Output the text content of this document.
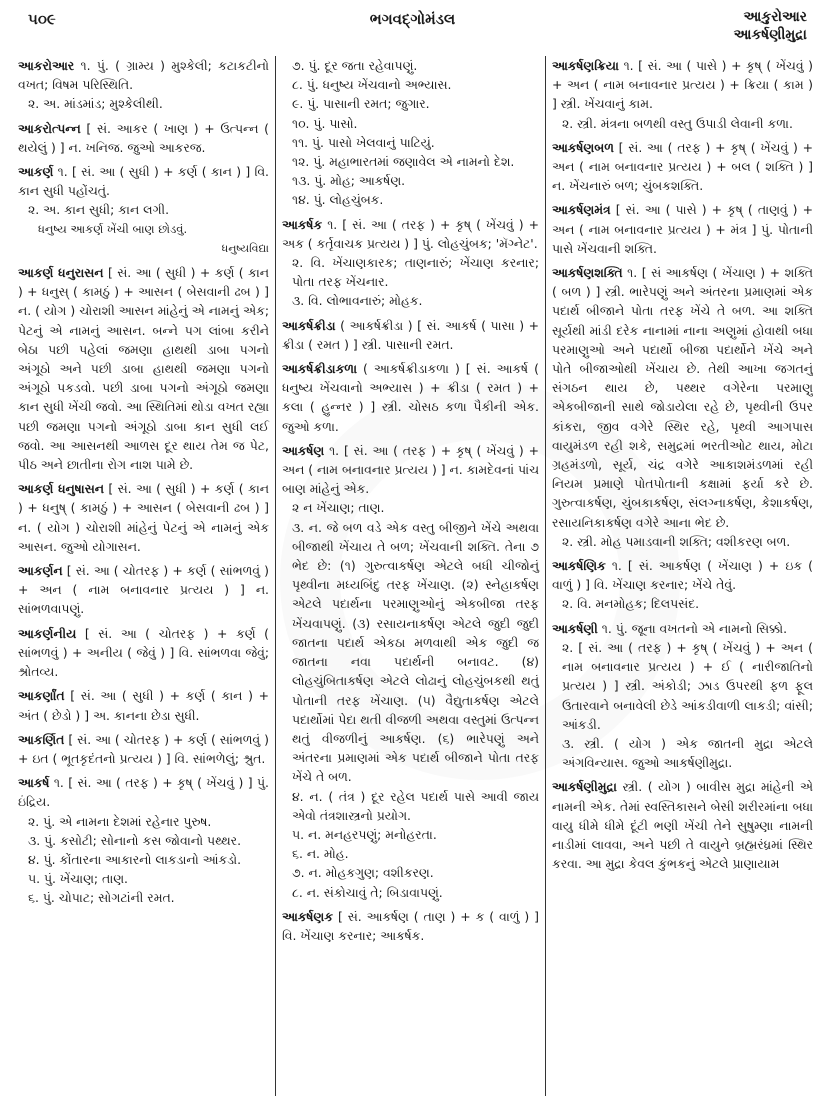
૫૦૯	ભગવદ્ગોમંડલ	આકુરોઆર
આકર્ષણીમુદ્રા
આકરોઆર ૧. પું. ( ગ્રામ્ય ) મુશ્કેલી; કટાકટીનો વખત; વિષમ પરિસ્થિતિ.
૨. અ. માંડમાંડ; મુશ્કેલીથી.
આકરોત્પન્ન [ સં. આકર ( ખાણ ) + ઉત્પન્ન ( થયેલું ) ] ન. ખનિજ. જુઓ આકરજ.
આકર્ણ ૧. [ સં. આ ( સુધી ) + કર્ણ ( કાન ) ] વિ. કાન સુધી પહોંચતું.
૨. અ. કાન સુધી; કાન લગી.
ધનુષ્ય આકર્ણ ખેંચી બાણ છોડવું.
ધનુષ્યવિદ્યા
આકર્ણ ધનુરાસન [ સં. આ ( સુધી ) + કર્ણ ( કાન ) + ધનુસ્ ( કામઠું ) + આસન ( બેસવાની ઢબ ) ] ન. ( યોગ ) ચોરાશી આસન માંહેનું એ નામનું એક; પેટનું એ નામનું આસન. બન્ને પગ લાંબા કરીને બેઠા પછી પહેલાં જમણા હાથથી ડાબા પગનો અંગૂઠો અને પછી ડાબા હાથથી જમણા પગનો અંગૂઠો પકડવો. પછી ડાબા પગનો અંગૂઠો જમણા કાન સુધી ખેંચી જવો. આ સ્થિતિમાં થોડા વખત રહ્યા પછી જમણા પગનો અંગૂઠો ડાબા કાન સુધી લઈ જવો. આ આસનથી આળસ દૂર થાય તેમ જ પેટ, પીઠ અને છાતીના રોગ નાશ પામે છે.
આકર્ણ ધનુષાસન [ સં. આ ( સુધી ) + કર્ણ ( કાન ) + ધનુષ્ ( કામઠું ) + આસન ( બેસવાની ઢબ ) ] ન. ( યોગ ) ચોરાશી માંહેનું પેટનું એ નામનું એક આસન. જુઓ યોગાસન.
આકર્ણન [ સં. આ ( ચોતરફ ) + કર્ણ ( સાંભળવું ) + અન ( નામ બનાવનાર પ્રત્યય ) ] ન. સાંભળવાપણું.
આકર્ણનીય [ સં. આ ( ચોતરફ ) + કર્ણ ( સાંભળવું ) + અનીય ( જેવું ) ] વિ. સાંભળવા જેવું; શ્રોતવ્ય.
આકર્ણાંત [ સં. આ ( સુધી ) + કર્ણ ( કાન ) + અંત ( છેડો ) ] અ. કાનના છેડા સુધી.
આકર્ણિત [ સં. આ ( ચોતરફ ) + કર્ણ ( સાંભળવું ) + ઇત ( ભૂતકૃદંતનો પ્રત્યય ) ] વિ. સાંભળેલું; શ્રુત.
આકર્ષ ૧. [ સં. આ ( તરફ ) + કૃષ્ ( ખેંચવું ) ] પું. ઇંદ્રિય.
૨. પું. એ નામના દેશમાં રહેનાર પુરુષ.
૩. પું. કસોટી; સોનાનો કસ જોવાનો પથ્થર.
૪. પું. કોંતારના આકારનો લાકડાનો આંકડો.
૫. પું. ખેંચાણ; તાણ.
૬. પું. ચોપાટ; સોગટાંની રમત.
૭. પું. દૂર જતા રહેવાપણું.
૮. પું. ધનુષ્ય ખેંચવાનો અભ્યાસ.
૯. પું. પાસાની રમત; જુગાર.
૧૦. પું. પાસો.
૧૧. પું. પાસો ખેલવાનું પાટિયું.
૧૨. પું. મહાભારતમાં જણાવેલ એ નામનો દેશ.
૧૩. પું. મોહ; આકર્ષણ.
૧૪. પું. લોહચુંબક.
આકર્ષક ૧. [ સં. આ ( તરફ ) + કૃષ્ ( ખેંચવું ) + અક ( કર્તૃવાચક પ્રત્યય ) ] પું. લોહચુંબક; 'મૅગ્નેટ'.
૨. વિ. ખેંચાણકારક; તાણનારું; ખેંચાણ કરનાર; પોતા તરફ ખેંચનાર.
૩. વિ. લોભાવનારું; મોહક.
આકર્ષક્રીડા ( આકર્ષક્રીડા ) [ સં. આકર્ષ ( પાસા ) + ક્રીડા ( રમત ) ] સ્ત્રી. પાસાની રમત.
આકર્ષક્રીડાકળા ( આકર્ષક્રીડાકળા ) [ સં. આકર્ષ ( ધનુષ્ય ખેંચવાનો અભ્યાસ ) + ક્રીડા ( રમત ) + કલા ( હુન્નર ) ] સ્ત્રી. ચોસઠ કળા પૈકીની એક. જુઓ કળા.
આકર્ષણ ૧. [ સં. આ ( તરફ ) + કૃષ્ ( ખેંચવું ) + અન ( નામ બનાવનાર પ્રત્યય ) ] ન. કામદેવનાં પાંચ બાણ માંહેનું એક.
૨ ન ખેંચાણ; તાણ.
૩. ન. જે બળ વડે એક વસ્તુ બીજીને ખેંચે અથવા બીજાથી ખેંચાય તે બળ; ખેંચવાની શક્તિ. તેના ૭ ભેદ છે: (૧) ગુરુત્વાકર્ષણ એટલે બધી ચીજોનું પૃથ્વીના મધ્યબિંદુ તરફ ખેંચાણ. (૨) સ્નેહાકર્ષણ એટલે પદાર્થના પરમાણુઓનું એકબીજા તરફ ખેંચવાપણું. (૩) રસાયનાકર્ષણ એટલે જુદી જુદી જાતના પદાર્થ એકઠા મળવાથી એક જુદી જ જાતના નવા પદાર્થની બનાવટ. (૪) લોહચુંબિતાકર્ષણ એટલે લોઢાનું લોહચુંબકથી થતું પોતાની તરફ ખેંચાણ. (૫) વૈદ્યુતાકર્ષણ એટલે પદાર્થોમાં પેદા થતી વીજળી અથવા વસ્તુમાં ઉત્પન્ન થતું વીજળીનું આકર્ષણ. (૬) ભારેપણું અને અંતરના પ્રમાણમાં એક પદાર્થ બીજાને પોતા તરફ ખેંચે તે બળ.
૪. ન. ( તંત્ર ) દૂર રહેલ પદાર્થ પાસે આવી જાય એવો તંત્રશાસ્ત્રનો પ્રયોગ.
૫. ન. મનહરપણું; મનોહરતા.
૬. ન. મોહ.
૭. ન. મોહકગુણ; વશીકરણ.
૮. ન. સંકોચાવું તે; બિડાવાપણું.
આકર્ષણક [ સં. આકર્ષણ ( તાણ ) + ક ( વાળું ) ] વિ. ખેંચાણ કરનાર; આકર્ષક.
આકર્ષણક્રિયા ૧. [ સં. આ ( પાસે ) + કૃષ્ ( ખેંચવું ) + અન ( નામ બનાવનાર પ્રત્યય ) + ક્રિયા ( કામ ) ] સ્ત્રી. ખેંચવાનું કામ.
૨. સ્ત્રી. મંત્રના બળથી વસ્તુ ઉપાડી લેવાની કળા.
આકર્ષણબળ [ સં. આ ( તરફ ) + કૃષ્ ( ખેંચવું ) + અન ( નામ બનાવનાર પ્રત્યય ) + બલ ( શક્તિ ) ] ન. ખેંચનારું બળ; ચુંબકશક્તિ.
આકર્ષણમંત્ર [ સં. આ ( પાસે ) + કૃષ્ ( તાણવું ) + અન ( નામ બનાવનાર પ્રત્યય ) + મંત્ર ] પું. પોતાની પાસે ખેંચવાની શક્તિ.
આકર્ષણશક્તિ ૧. [ સં આકર્ષણ ( ખેંચાણ ) + શક્તિ ( બળ ) ] સ્ત્રી. ભારેપણું અને અંતરના પ્રમાણમાં એક પદાર્થ બીજાને પોતા તરફ ખેંચે તે બળ. આ શક્તિ સૂર્યથી માંડી દરેક નાનામાં નાના અણુમાં હોવાથી બધા પરમાણુઓ અને પદાર્થો બીજા પદાર્થોને ખેંચે અને પોતે બીજાઓથી ખેંચાય છે. તેથી આખા જગતનું સંગઠન થાય છે, પથ્થર વગેરેના પરમાણુ એકબીજાની સાથે જોડાયેલા રહે છે, પૃથ્વીની ઉપર કાંકરા, જીવ વગેરે સ્થિર રહે, પૃથ્વી આગપાસ વાયુમંડળ રહી શકે, સમુદ્રમાં ભરતીઓટ થાય, મોટા ગ્રહમંડળો, સૂર્ય, ચંદ્ર વગેરે આકાશમંડળમાં રહી નિયમ પ્રમાણે પોતપોતાની કક્ષામાં ફર્યા કરે છે. ગુરુત્વાકર્ષણ, ચુંબકાકર્ષણ, સંલગ્નાકર્ષણ, કેશાકર્ષણ, રસાયનિકાકર્ષણ વગેરે આના ભેદ છે.
૨. સ્ત્રી. મોહ પમાડવાની શક્તિ; વશીકરણ બળ.
આકર્ષણિક ૧. [ સં. આકર્ષણ ( ખેંચાણ ) + ઇક ( વાળું ) ] વિ. ખેંચાણ કરનાર; ખેંચે તેવું.
૨. વિ. મનમોહક; દિલપસંદ.
આકર્ષણી ૧. પું. જૂના વખતનો એ નામનો સિક્કો.
૨. [ સં. આ ( તરફ ) + કૃષ્ ( ખેંચવું ) + અન ( નામ બનાવનાર પ્રત્યય ) + ઈ ( નારીજાતિનો પ્રત્યય ) ] સ્ત્રી. અંકોડી; ઝાડ ઉપરથી ફળ ફૂલ ઉતારવાને બનાવેલી છેડે આંકડીવાળી લાકડી; વાંસી; આંકડી.
૩. સ્ત્રી. ( યોગ ) એક જાતની મુદ્રા એટલે અંગવિન્યાસ. જુઓ આકર્ષણીમુદ્રા.
આકર્ષણીમુદ્રા સ્ત્રી. ( યોગ ) બાવીસ મુદ્રા માંહેની એ નામની એક. તેમાં સ્વસ્તિકાસને બેસી શરીરમાંના બધા વાયુ ધીમે ધીમે દૂંટી ભણી ખેંચી તેને સુષુમ્ણા નામની નાડીમાં લાવવા, અને પછી તે વાયુને બ્રહ્મરંધ્રમાં સ્થિર કરવા. આ મુદ્રા કેવલ કુંભકનું એટલે પ્રાણાયામ
